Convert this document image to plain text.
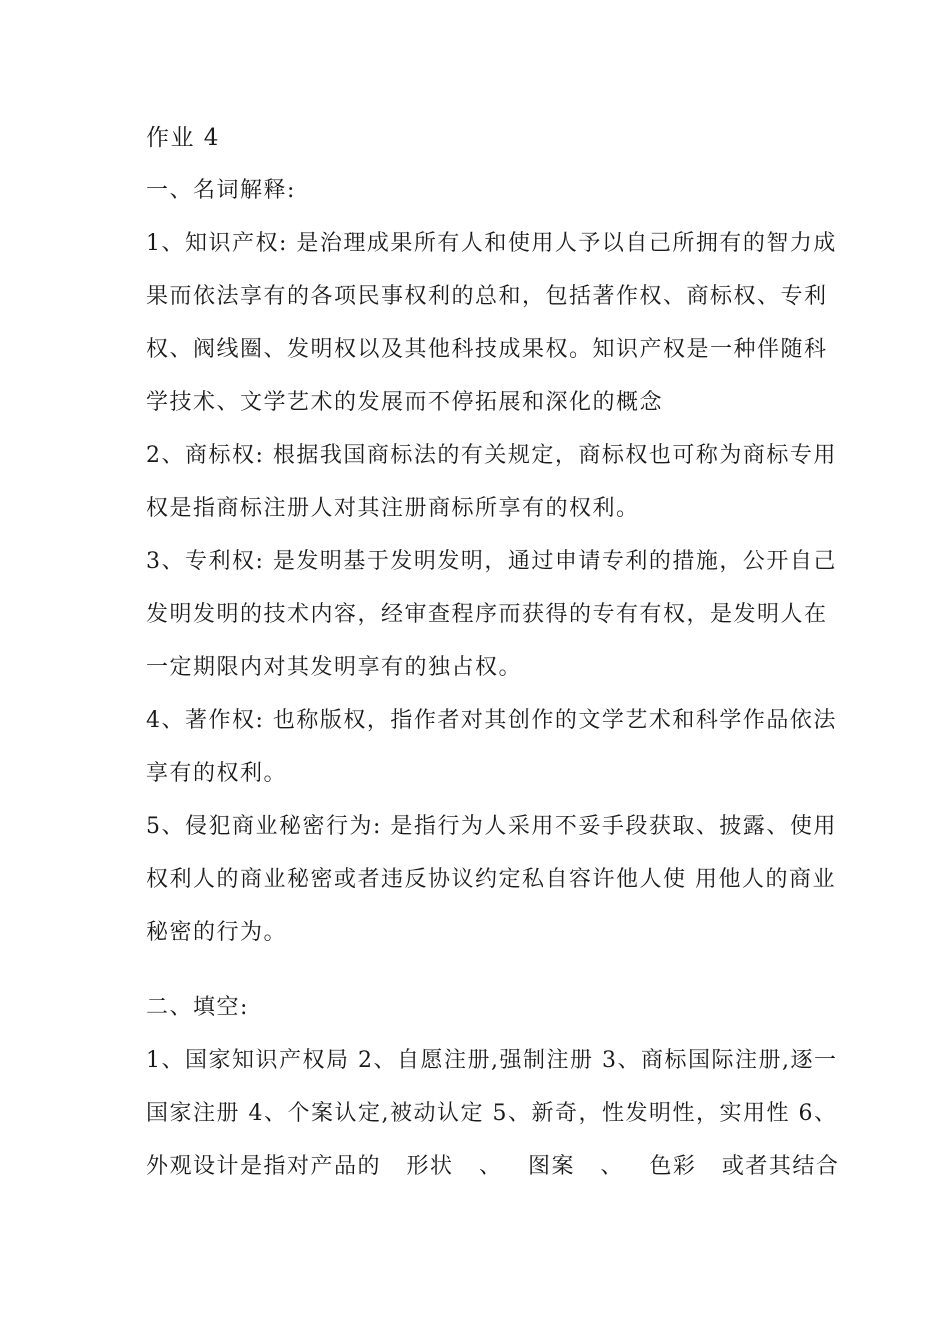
作业 4
一、名词解释:
1、知识产权: 是治理成果所有人和使用人予以自己所拥有的智力成
果而依法享有的各项民事权利的总和，包括著作权、商标权、专利
权、阀线圈、发明权以及其他科技成果权。知识产权是一种伴随科
学技术、文学艺术的发展而不停拓展和深化的概念
2、商标权: 根据我国商标法的有关规定，商标权也可称为商标专用
权是指商标注册人对其注册商标所享有的权利。
3、专利权: 是发明基于发明发明，通过申请专利的措施，公开自己
发明发明的技术内容，经审查程序而获得的专有有权，是发明人在
一定期限内对其发明享有的独占权。
4、著作权: 也称版权，指作者对其创作的文学艺术和科学作品依法
享有的权利。
5、侵犯商业秘密行为: 是指行为人采用不妥手段获取、披露、使用
权利人的商业秘密或者违反协议约定私自容许他人使 用他人的商业
秘密的行为。
二、填空:
1、国家知识产权局 2、自愿注册,强制注册 3、商标国际注册,逐一
国家注册 4、个案认定,被动认定 5、新奇，性发明性，实用性 6、
外观设计是指对产品的   形状   、   图案   、   色彩   或者其结合
